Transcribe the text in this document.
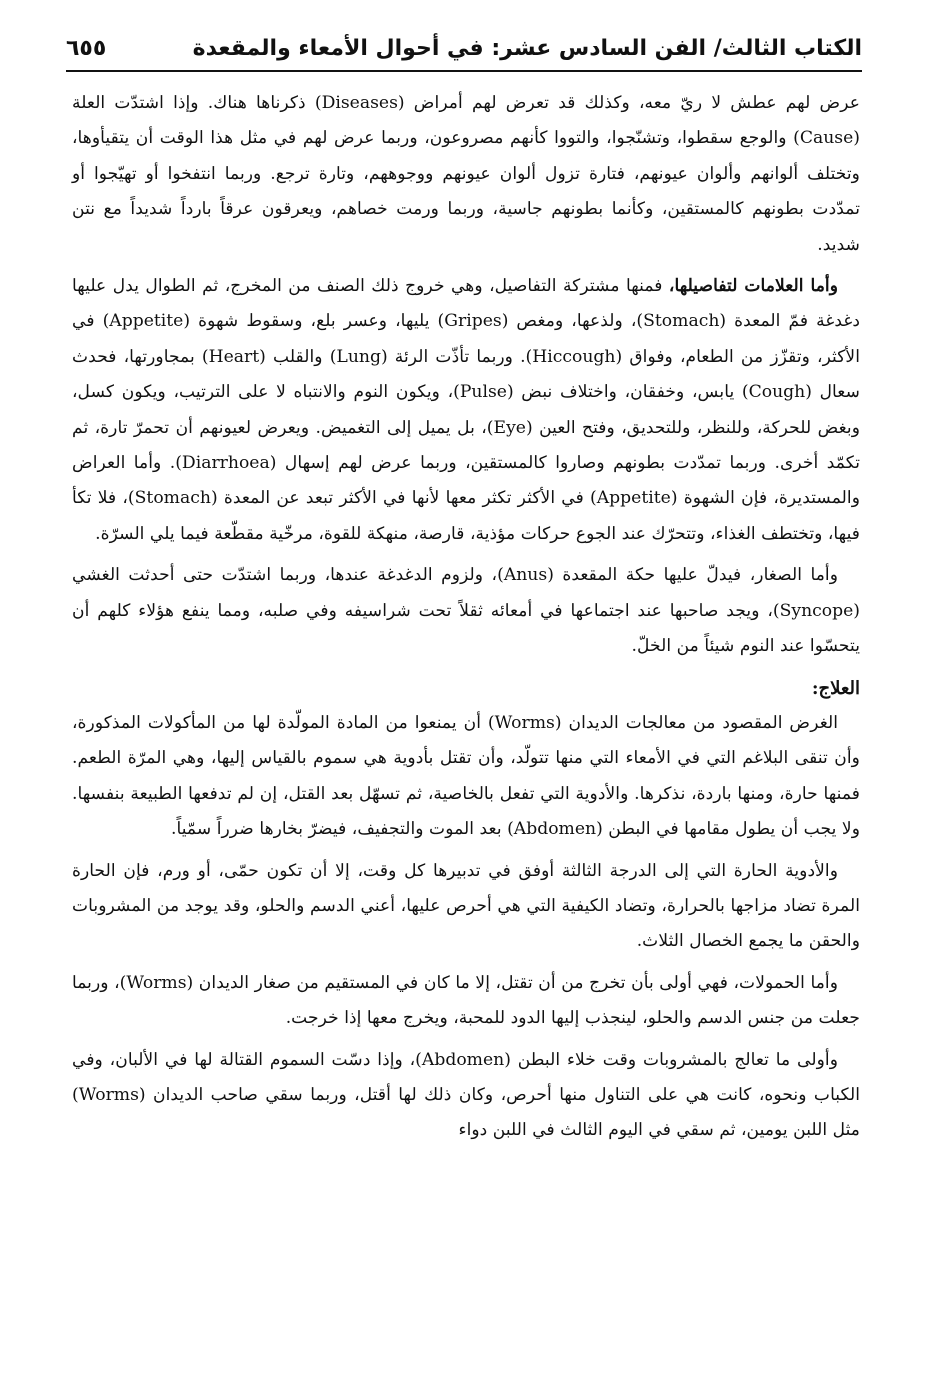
الكتاب الثالث/ الفن السادس عشر: في أحوال الأمعاء والمقعدة
٦٥٥

عرض لهم عطش لا ريّ معه، وكذلك قد تعرض لهم أمراض (Diseases) ذكرناها هناك. وإذا اشتدّت العلة (Cause) والوجع سقطوا، وتشنّجوا، والتووا كأنهم مصروعون، وربما عرض لهم في مثل هذا الوقت أن يتقيأوها، وتختلف ألوانهم وألوان عيونهم، فتارة تزول ألوان عيونهم ووجوههم، وتارة ترجع. وربما انتفخوا أو تهيّجوا أو تمدّدت بطونهم كالمستقين، وكأنما بطونهم جاسية، وربما ورمت خصاهم، ويعرقون عرقاً بارداً شديداً مع نتن شديد.

وأما العلامات لتفاصيلها، فمنها مشتركة التفاصيل، وهي خروج ذلك الصنف من المخرج، ثم الطوال يدل عليها دغدغة فمّ المعدة (Stomach)، ولذعها، ومغص (Gripes) يليها، وعسر بلع، وسقوط شهوة (Appetite) في الأكثر، وتقزّز من الطعام، وفواق (Hiccough). وربما تأذّت الرئة (Lung) والقلب (Heart) بمجاورتها، فحدث سعال (Cough) يابس، وخفقان، واختلاف نبض (Pulse)، ويكون النوم والانتباه لا على الترتيب، ويكون كسل، وبغض للحركة، وللنظر، وللتحديق، وفتح العين (Eye)، بل يميل إلى التغميض. ويعرض لعيونهم أن تحمرّ تارة، ثم تكمّد أخرى. وربما تمدّدت بطونهم وصاروا كالمستقين، وربما عرض لهم إسهال (Diarrhoea). وأما العراض والمستديرة، فإن الشهوة (Appetite) في الأكثر تكثر معها لأنها في الأكثر تبعد عن المعدة (Stomach)، فلا تكأ فيها، وتختطف الغذاء، وتتحرّك عند الجوع حركات مؤذية، قارصة، منهكة للقوة، مرخّية مقطّعة فيما يلي السرّة.

وأما الصغار، فيدلّ عليها حكة المقعدة (Anus)، ولزوم الدغدغة عندها، وربما اشتدّت حتى أحدثت الغشي (Syncope)، ويجد صاحبها عند اجتماعها في أمعائه ثقلاً تحت شراسيفه وفي صلبه، ومما ينفع هؤلاء كلهم أن يتحسّوا عند النوم شيئاً من الخلّ.

العلاج:

الغرض المقصود من معالجات الديدان (Worms) أن يمنعوا من المادة المولّدة لها من المأكولات المذكورة، وأن تنقى البلاغم التي في الأمعاء التي منها تتولّد، وأن تقتل بأدوية هي سموم بالقياس إليها، وهي المرّة الطعم. فمنها حارة، ومنها باردة، نذكرها. والأدوية التي تفعل بالخاصية، ثم تسهّل بعد القتل، إن لم تدفعها الطبيعة بنفسها. ولا يجب أن يطول مقامها في البطن (Abdomen) بعد الموت والتجفيف، فيضرّ بخارها ضرراً سمّياً.

والأدوية الحارة التي إلى الدرجة الثالثة أوفق في تدبيرها كل وقت، إلا أن تكون حمّى، أو ورم، فإن الحارة المرة تضاد مزاجها بالحرارة، وتضاد الكيفية التي هي أحرص عليها، أعني الدسم والحلو، وقد يوجد من المشروبات والحقن ما يجمع الخصال الثلاث.

وأما الحمولات، فهي أولى بأن تخرج من أن تقتل، إلا ما كان في المستقيم من صغار الديدان (Worms)، وربما جعلت من جنس الدسم والحلو، لينجذب إليها الدود للمحبة، ويخرج معها إذا خرجت.

وأولى ما تعالج بالمشروبات وقت خلاء البطن (Abdomen)، وإذا دسّت السموم القتالة لها في الألبان، وفي الكباب ونحوه، كانت هي على التناول منها أحرص، وكان ذلك لها أقتل، وربما سقي صاحب الديدان (Worms) مثل اللبن يومين، ثم سقي في اليوم الثالث في اللبن دواء
